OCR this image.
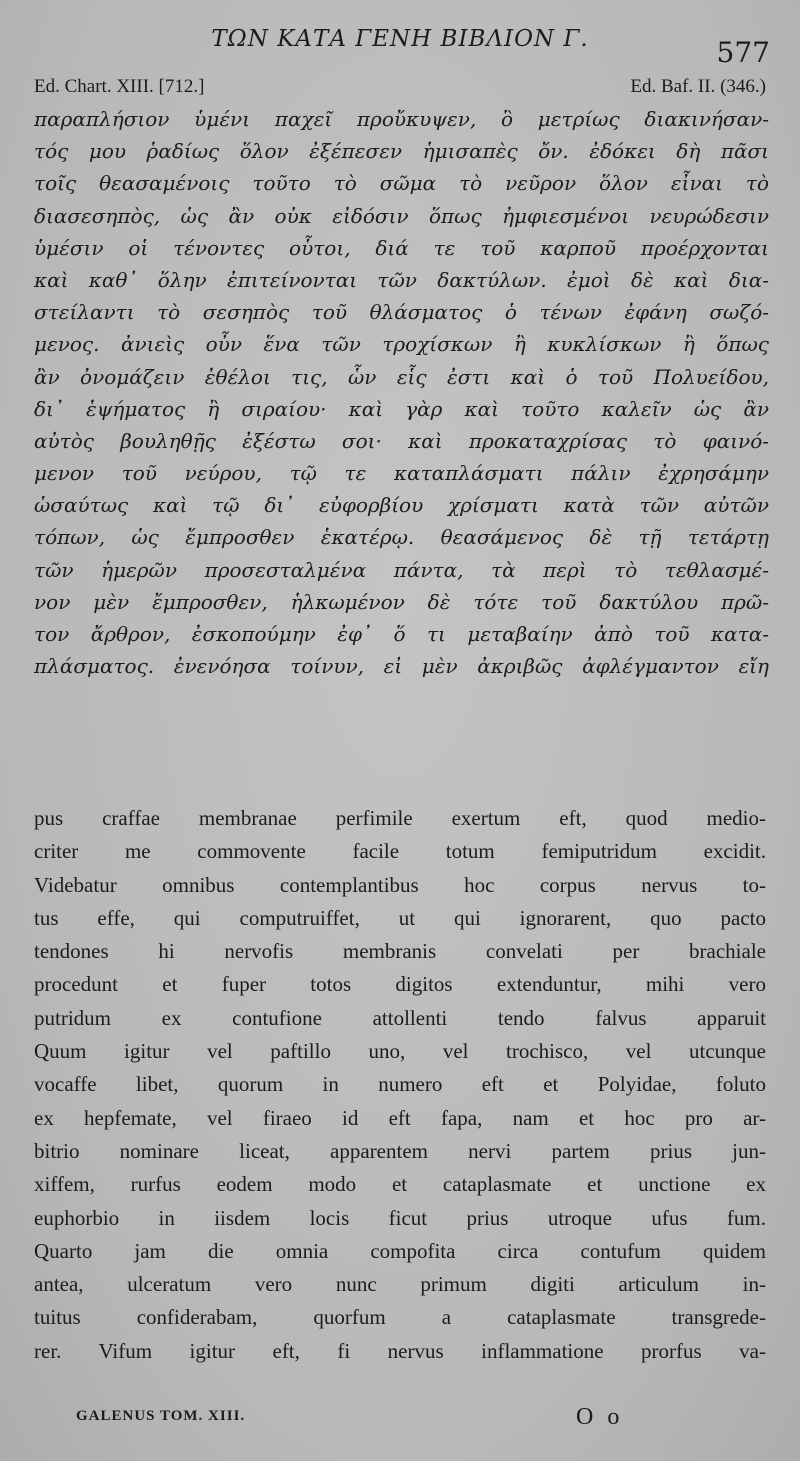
ΤΩΝ ΚΑΤΑ ΓΕΝΗ ΒΙΒΛΙΟΝ Γ.	577
Ed. Chart. XIII. [712.]	Ed. Baf. II. (346.)
παραπλήσιον ὑμένι παχεῖ προὔκυψεν, ὃ μετρίως διακινήσαν-
τός μου ῥαδίως ὅλον ἐξέπεσεν ἡμισαπὲς ὄν. ἐδόκει δὴ πᾶσι
τοῖς θεασαμένοις τοῦτο τὸ σῶμα τὸ νεῦρον ὅλον εἶναι τὸ
διασεσηπὸς, ὡς ἂν οὐκ εἰδόσιν ὅπως ἠμφιεσμένοι νευρώδεσιν
ὑμέσιν οἱ τένοντες οὗτοι, διά τε τοῦ καρποῦ προέρχονται
καὶ καθ᾿ ὅλην ἐπιτείνονται τῶν δακτύλων. ἐμοὶ δὲ καὶ δια-
στείλαντι τὸ σεσηπὸς τοῦ θλάσματος ὁ τένων ἐφάνη σωζό-
μενος. ἀνιεὶς οὖν ἕνα τῶν τροχίσκων ἢ κυκλίσκων ἢ ὅπως
ἂν ὀνομάζειν ἐθέλοι τις, ὧν εἷς ἐστι καὶ ὁ τοῦ Πολυείδου,
δι᾿ ἑψήματος ἢ σιραίου· καὶ γὰρ καὶ τοῦτο καλεῖν ὡς ἂν
αὐτὸς βουληθῇς ἐξέστω σοι· καὶ προκαταχρίσας τὸ φαινό-
μενον τοῦ νεύρου, τῷ τε καταπλάσματι πάλιν ἐχρησάμην
ὡσαύτως καὶ τῷ δι᾿ εὐφορβίου χρίσματι κατὰ τῶν αὐτῶν
τόπων, ὡς ἔμπροσθεν ἑκατέρῳ. θεασάμενος δὲ τῇ τετάρτῃ
τῶν ἡμερῶν προσεσταλμένα πάντα, τὰ περὶ τὸ τεθλασμέ-
νον μὲν ἔμπροσθεν, ἡλκωμένον δὲ τότε τοῦ δακτύλου πρῶ-
τον ἄρθρον, ἐσκοπούμην ἐφ᾿ ὅ τι μεταβαίην ἀπὸ τοῦ κατα-
πλάσματος. ἐνενόησα τοίνυν, εἰ μὲν ἀκριβῶς ἀφλέγμαντον εἴη
pus craffae membranae perfimile exertum eft, quod medio-
criter me commovente facile totum femiputridum excidit.
Videbatur omnibus contemplantibus hoc corpus nervus to-
tus effe, qui computruiffet, ut qui ignorarent, quo pacto
tendones hi nervofis membranis convelati per brachiale
procedunt et fuper totos digitos extenduntur, mihi vero
putridum ex contufione attollenti tendo falvus apparuit
Quum igitur vel paftillo uno, vel trochisco, vel utcunque
vocaffe libet, quorum in numero eft et Polyidae, foluto
ex hepfemate, vel firaeo id eft fapa, nam et hoc pro ar-
bitrio nominare liceat, apparentem nervi partem prius jun-
xiffem, rurfus eodem modo et cataplasmate et unctione ex
euphorbio in iisdem locis ficut prius utroque ufus fum.
Quarto jam die omnia compofita circa contufum quidem
antea, ulceratum vero nunc primum digiti articulum in-
tuitus confiderabam, quorfum a cataplasmate transgrede-
rer. Vifum igitur eft, fi nervus inflammatione prorfus va-
GALENUS TOM. XIII.	O o
